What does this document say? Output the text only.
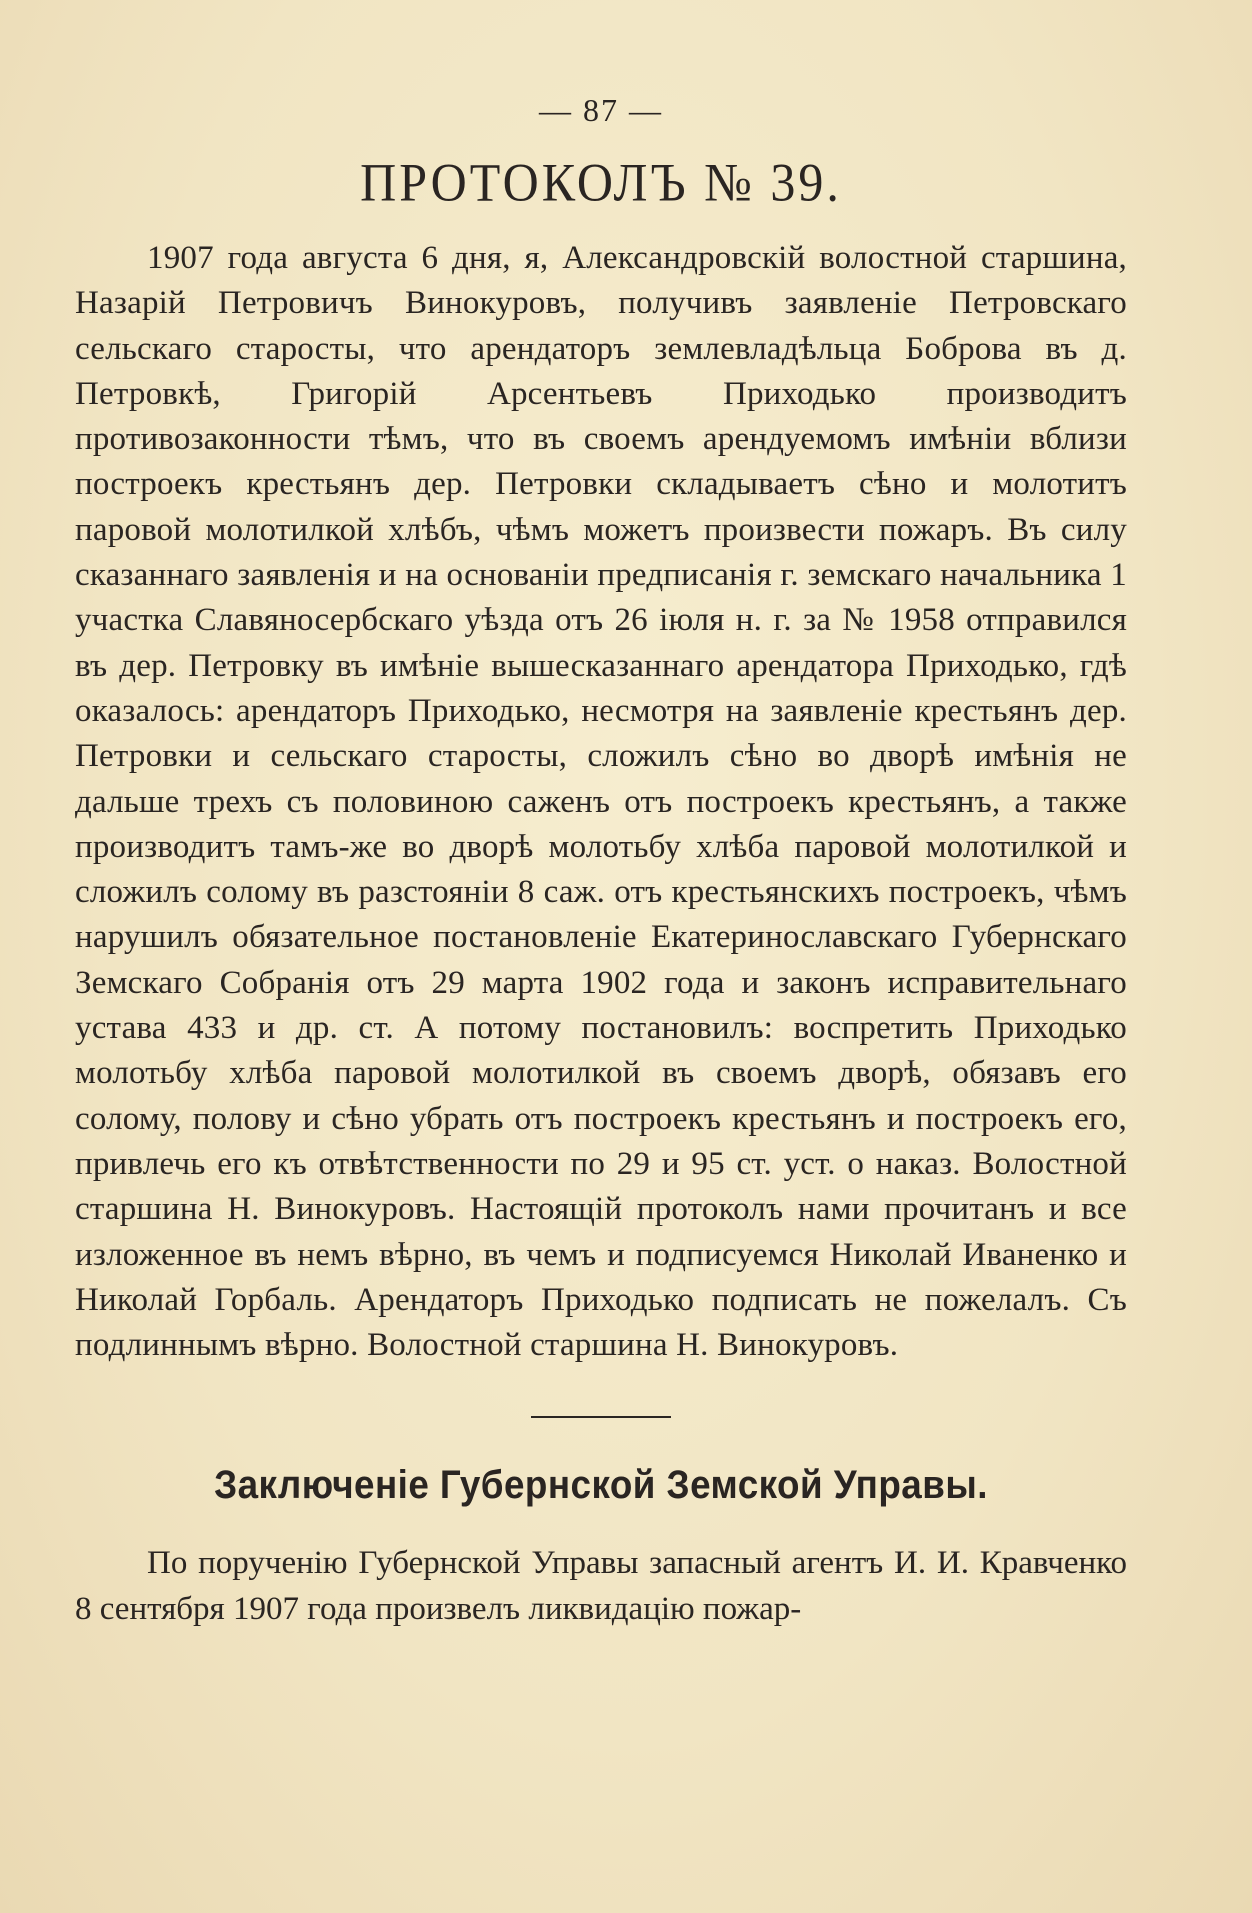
— 87 —
ПРОТОКОЛЪ № 39.

1907 года августа 6 дня, я, Александровскій волостной старшина, Назарій Петровичъ Винокуровъ, получивъ заявленіе Петровскаго сельскаго старосты, что арендаторъ землевладѣльца Боброва въ д. Петровкѣ, Григорій Арсентьевъ Приходько производитъ противозаконности тѣмъ, что въ своемъ арендуемомъ имѣніи вблизи построекъ крестьянъ дер. Петровки складываетъ сѣно и молотитъ паровой молотилкой хлѣбъ, чѣмъ можетъ произвести пожаръ. Въ силу сказаннаго заявленія и на основаніи предписанія г. земскаго начальника 1 участка Славяносербскаго уѣзда отъ 26 іюля н. г. за № 1958 отправился въ дер. Петровку въ имѣніе вышесказаннаго арендатора Приходько, гдѣ оказалось: арендаторъ Приходько, несмотря на заявленіе крестьянъ дер. Петровки и сельскаго старосты, сложилъ сѣно во дворѣ имѣнія не дальше трехъ съ половиною саженъ отъ построекъ крестьянъ, а также производитъ тамъ-же во дворѣ молотьбу хлѣба паровой молотилкой и сложилъ солому въ разстояніи 8 саж. отъ крестьянскихъ построекъ, чѣмъ нарушилъ обязательное постановленіе Екатеринославскаго Губернскаго Земскаго Собранія отъ 29 марта 1902 года и законъ исправительнаго устава 433 и др. ст. А потому постановилъ: воспретить Приходько молотьбу хлѣба паровой молотилкой въ своемъ дворѣ, обязавъ его солому, полову и сѣно убрать отъ построекъ крестьянъ и построекъ его, привлечь его къ отвѣтственности по 29 и 95 ст. уст. о наказ. Волостной старшина Н. Винокуровъ. Настоящій протоколъ нами прочитанъ и все изложенное въ немъ вѣрно, въ чемъ и подписуемся Николай Иваненко и Николай Горбаль. Арендаторъ Приходько подписать не пожелалъ. Съ подлиннымъ вѣрно. Волостной старшина Н. Винокуровъ.

Заключеніе Губернской Земской Управы.

По порученію Губернской Управы запасный агентъ И. И. Кравченко 8 сентября 1907 года произвелъ ликвидацію пожар-
